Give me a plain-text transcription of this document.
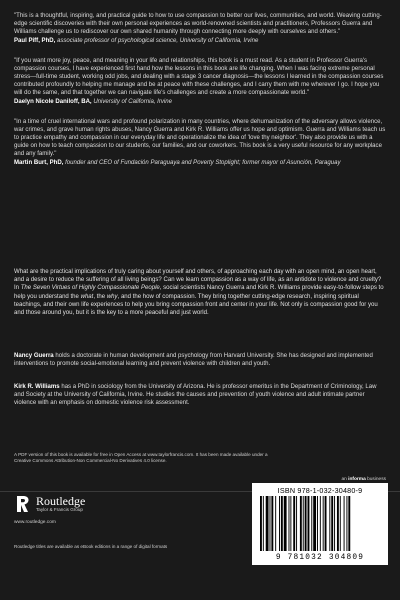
"This is a thoughtful, inspiring, and practical guide to how to use compassion to better our lives, communities, and world. Weaving cutting-edge scientific discoveries with their own personal experiences as world-renowned scientists and practitioners, Professors Guerra and Williams challenge us to rediscover our own shared humanity through connecting more deeply with ourselves and others."

Paul Piff, PhD, associate professor of psychological science, University of California, Irvine

"If you want more joy, peace, and meaning in your life and relationships, this book is a must read. As a student in Professor Guerra's compassion courses, I have experienced first hand how the lessons in this book are life changing. When I was facing extreme personal stress—full-time student, working odd jobs, and dealing with a stage 3 cancer diagnosis—the lessons I learned in the compassion courses contributed profoundly to helping me manage and be at peace with these challenges, and I carry them with me wherever I go. I hope you will do the same, and that together we can navigate life's challenges and create a more compassionate world."

Daelyn Nicole Daniloff, BA, University of California, Irvine

"In a time of cruel international wars and profound polarization in many countries, where dehumanization of the adversary allows violence, war crimes, and grave human rights abuses, Nancy Guerra and Kirk R. Williams offer us hope and optimism. Guerra and Williams teach us to practice empathy and compassion in our everyday life and operationalize the idea of 'love thy neighbor'. They also provide us with a guide on how to teach compassion to our students, our families, and our coworkers. This book is a very useful resource for any workplace and any family."

Martin Burt, PhD, founder and CEO of Fundación Paraguaya and Poverty Stoplight; former mayor of Asunción, Paraguay

What are the practical implications of truly caring about yourself and others, of approaching each day with an open mind, an open heart, and a desire to reduce the suffering of all living beings? Can we learn compassion as a way of life, as an antidote to violence and cruelty? In The Seven Virtues of Highly Compassionate People, social scientists Nancy Guerra and Kirk R. Williams provide easy-to-follow steps to help you understand the what, the why, and the how of compassion. They bring together cutting-edge research, inspiring spiritual teachings, and their own life experiences to help you bring compassion front and center in your life. Not only is compassion good for you and those around you, but it is the key to a more peaceful and just world.

Nancy Guerra holds a doctorate in human development and psychology from Harvard University. She has designed and implemented interventions to promote social-emotional learning and prevent violence with children and youth.

Kirk R. Williams has a PhD in sociology from the University of Arizona. He is professor emeritus in the Department of Criminology, Law and Society at the University of California, Irvine. He studies the causes and prevention of youth violence and adult intimate partner violence with an emphasis on domestic violence risk assessment.

A PDF version of this book is available for free in Open Access at www.taylorfrancis.com. It has been made available under a Creative Commons Attribution-Non Commercial-No Derivatives 4.0 license.

an informa business
Routledge
Taylor & Francis Group
www.routledge.com
Routledge titles are available as eBook editions in a range of digital formats
ISBN 978-1-032-30480-9
9 781032 304809
